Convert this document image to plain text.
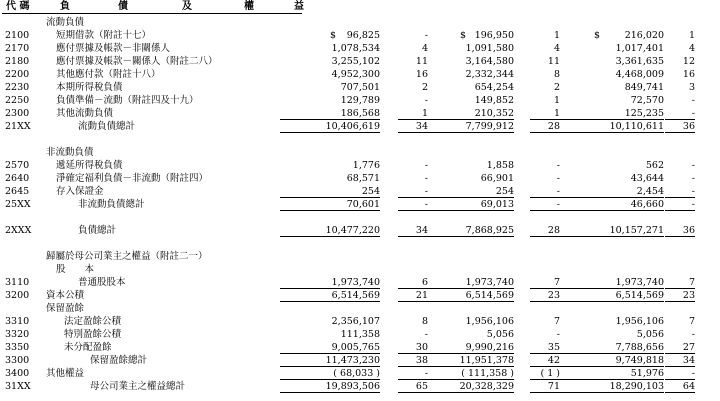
代 碼	負	債	及	權	益
流動負債
2100	短期借款（附註十七）	$	96,825	-	$ 196,950	1	$	216,020	1
2170	應付票據及帳款－非關係人	1,078,534	4	1,091,580	4	1,017,401	4
2180	應付票據及帳款－關係人（附註二八）	3,255,102	11	3,164,580	11	3,361,635	12
2200	其他應付款（附註十八）	4,952,300	16	2,332,344	8	4,468,009	16
2230	本期所得稅負債	707,501	2	654,254	2	849,741	3
2250	負債準備－流動（附註四及十九）	129,789	-	149,852	1	72,570	-
2300	其他流動負債	186,568	1	210,352	1	125,235	-
21XX	流動負債總計	10,406,619	34	7,799,912	28	10,110,611	36
非流動負債
2570	遞延所得稅負債	1,776	-	1,858	-	562	-
2640	淨確定福利負債－非流動（附註四）	68,571	-	66,901	-	43,644	-
2645	存入保證金	254	-	254	-	2,454	-
25XX	非流動負債總計	70,601	-	69,013	-	46,660	-
2XXX	負債總計	10,477,220	34	7,868,925	28	10,157,271	36
歸屬於母公司業主之權益（附註二一）
股　　本
3110	普通股股本	1,973,740	6	1,973,740	7	1,973,740	7
3200 資本公積	6,514,569	21	6,514,569	23	6,514,569	23
保留盈餘
3310	法定盈餘公積	2,356,107	8	1,956,106	7	1,956,106	7
3320	特別盈餘公積	111,358	-	5,056	-	5,056	-
3350	未分配盈餘	9,005,765	30	9,990,216	35	7,788,656	27
3300	保留盈餘總計	11,473,230	38	11,951,378	42	9,749,818	34
3400 其他權益	( 68,033 )	-	( 111,358 )	( 1 )	51,976	-
31XX	母公司業主之權益總計	19,893,506	65	20,328,329	71	18,290,103	64
